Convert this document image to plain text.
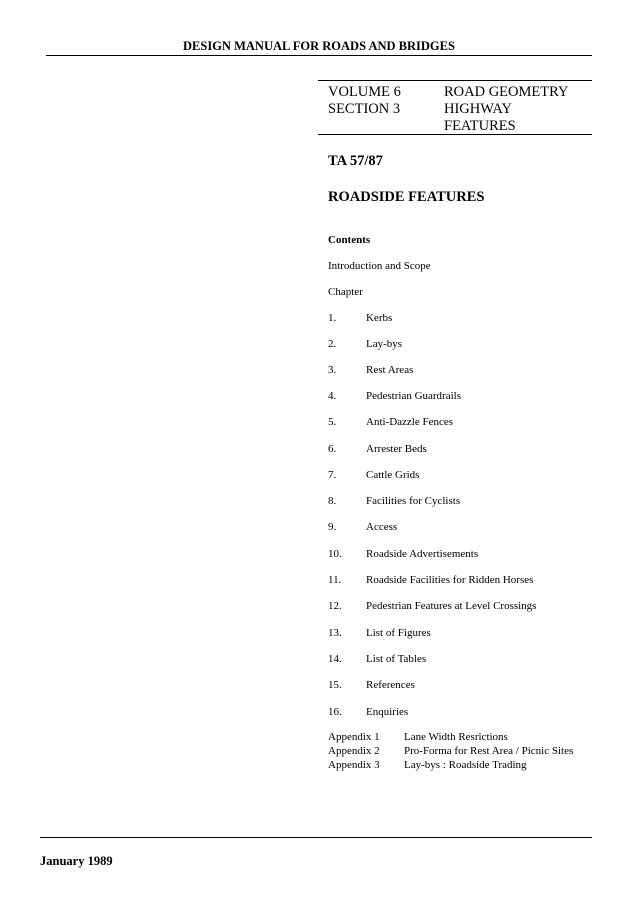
DESIGN MANUAL FOR ROADS AND BRIDGES
VOLUME 6
SECTION 3
ROAD GEOMETRY
HIGHWAY
FEATURES
TA 57/87
ROADSIDE FEATURES
Contents
Introduction and Scope
Chapter
1.	Kerbs
2.	Lay-bys
3.	Rest Areas
4.	Pedestrian Guardrails
5.	Anti-Dazzle Fences
6.	Arrester Beds
7.	Cattle Grids
8.	Facilities for Cyclists
9.	Access
10. Roadside Advertisements
11. Roadside Facilities for Ridden Horses
12. Pedestrian Features at Level Crossings
13. List of Figures
14. List of Tables
15. References
16. Enquiries
Appendix 1 Lane Width Resrictions
Appendix 2 Pro-Forma for Rest Area / Picnic Sites
Appendix 3 Lay-bys : Roadside Trading
January 1989
